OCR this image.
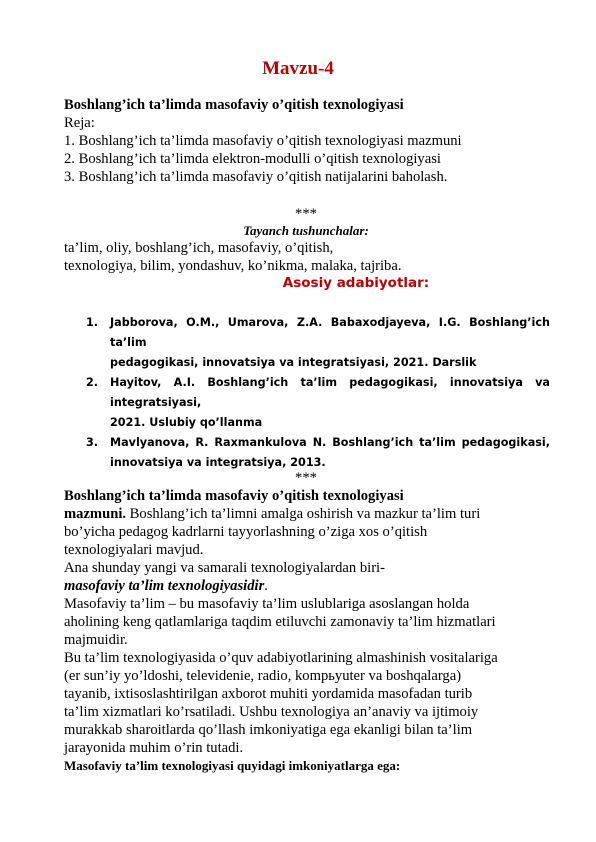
Mavzu-4
Boshlang’ich ta’limda masofaviy o’qitish texnologiyasi
Reja:
1. Boshlang’ich ta’limda masofaviy o’qitish texnologiyasi mazmuni
2. Boshlang’ich ta’limda elektron-modulli o’qitish texnologiyasi
3. Boshlang’ich ta’limda masofaviy o’qitish natijalarini baholash.
***
Tayanch tushunchalar:
ta’lim, oliy, boshlang’ich, masofaviy, o’qitish,
texnologiya, bilim, yondashuv, ko’nikma, malaka, tajriba.
Asosiy adabiyotlar:
1.	Jabborova, O.M., Umarova, Z.A. Babaxodjayeva, I.G. Boshlang’ich ta’lim
pedagogikasi, innovatsiya va integratsiyasi, 2021. Darslik
2.	Hayitov, A.I. Boshlang’ich ta’lim pedagogikasi, innovatsiya va integratsiyasi,
2021. Uslubiy qo’llanma
3.	Mavlyanova, R. Raxmankulova N. Boshlang’ich ta’lim pedagogikasi,
innovatsiya va integratsiya, 2013.
***
Boshlang’ich ta’limda masofaviy o’qitish texnologiyasi
mazmuni. Boshlang’ich ta’limni amalga oshirish va mazkur ta’lim turi
bo’yicha pedagog kadrlarni tayyorlashning o’ziga xos o’qitish
texnologiyalari mavjud.
Ana shunday yangi va samarali texnologiyalardan biri-
masofaviy ta’lim texnologiyasidir.
Masofaviy ta’lim – bu masofaviy ta’lim uslublariga asoslangan holda
aholining keng qatlamlariga taqdim etiluvchi zamonaviy ta’lim hizmatlari
majmuidir.
Bu ta’lim texnologiyasida o’quv adabiyotlarining almashinish vositalariga
(er sun’iy yo’ldoshi, televidenie, radio, kompьyuter va boshqalarga)
tayanib, ixtisoslashtirilgan axborot muhiti yordamida masofadan turib
ta’lim xizmatlari ko’rsatiladi. Ushbu texnologiya an’anaviy va ijtimoiy
murakkab sharoitlarda qo’llash imkoniyatiga ega ekanligi bilan ta’lim
jarayonida muhim o’rin tutadi.
Masofaviy ta’lim texnologiyasi quyidagi imkoniyatlarga ega:
